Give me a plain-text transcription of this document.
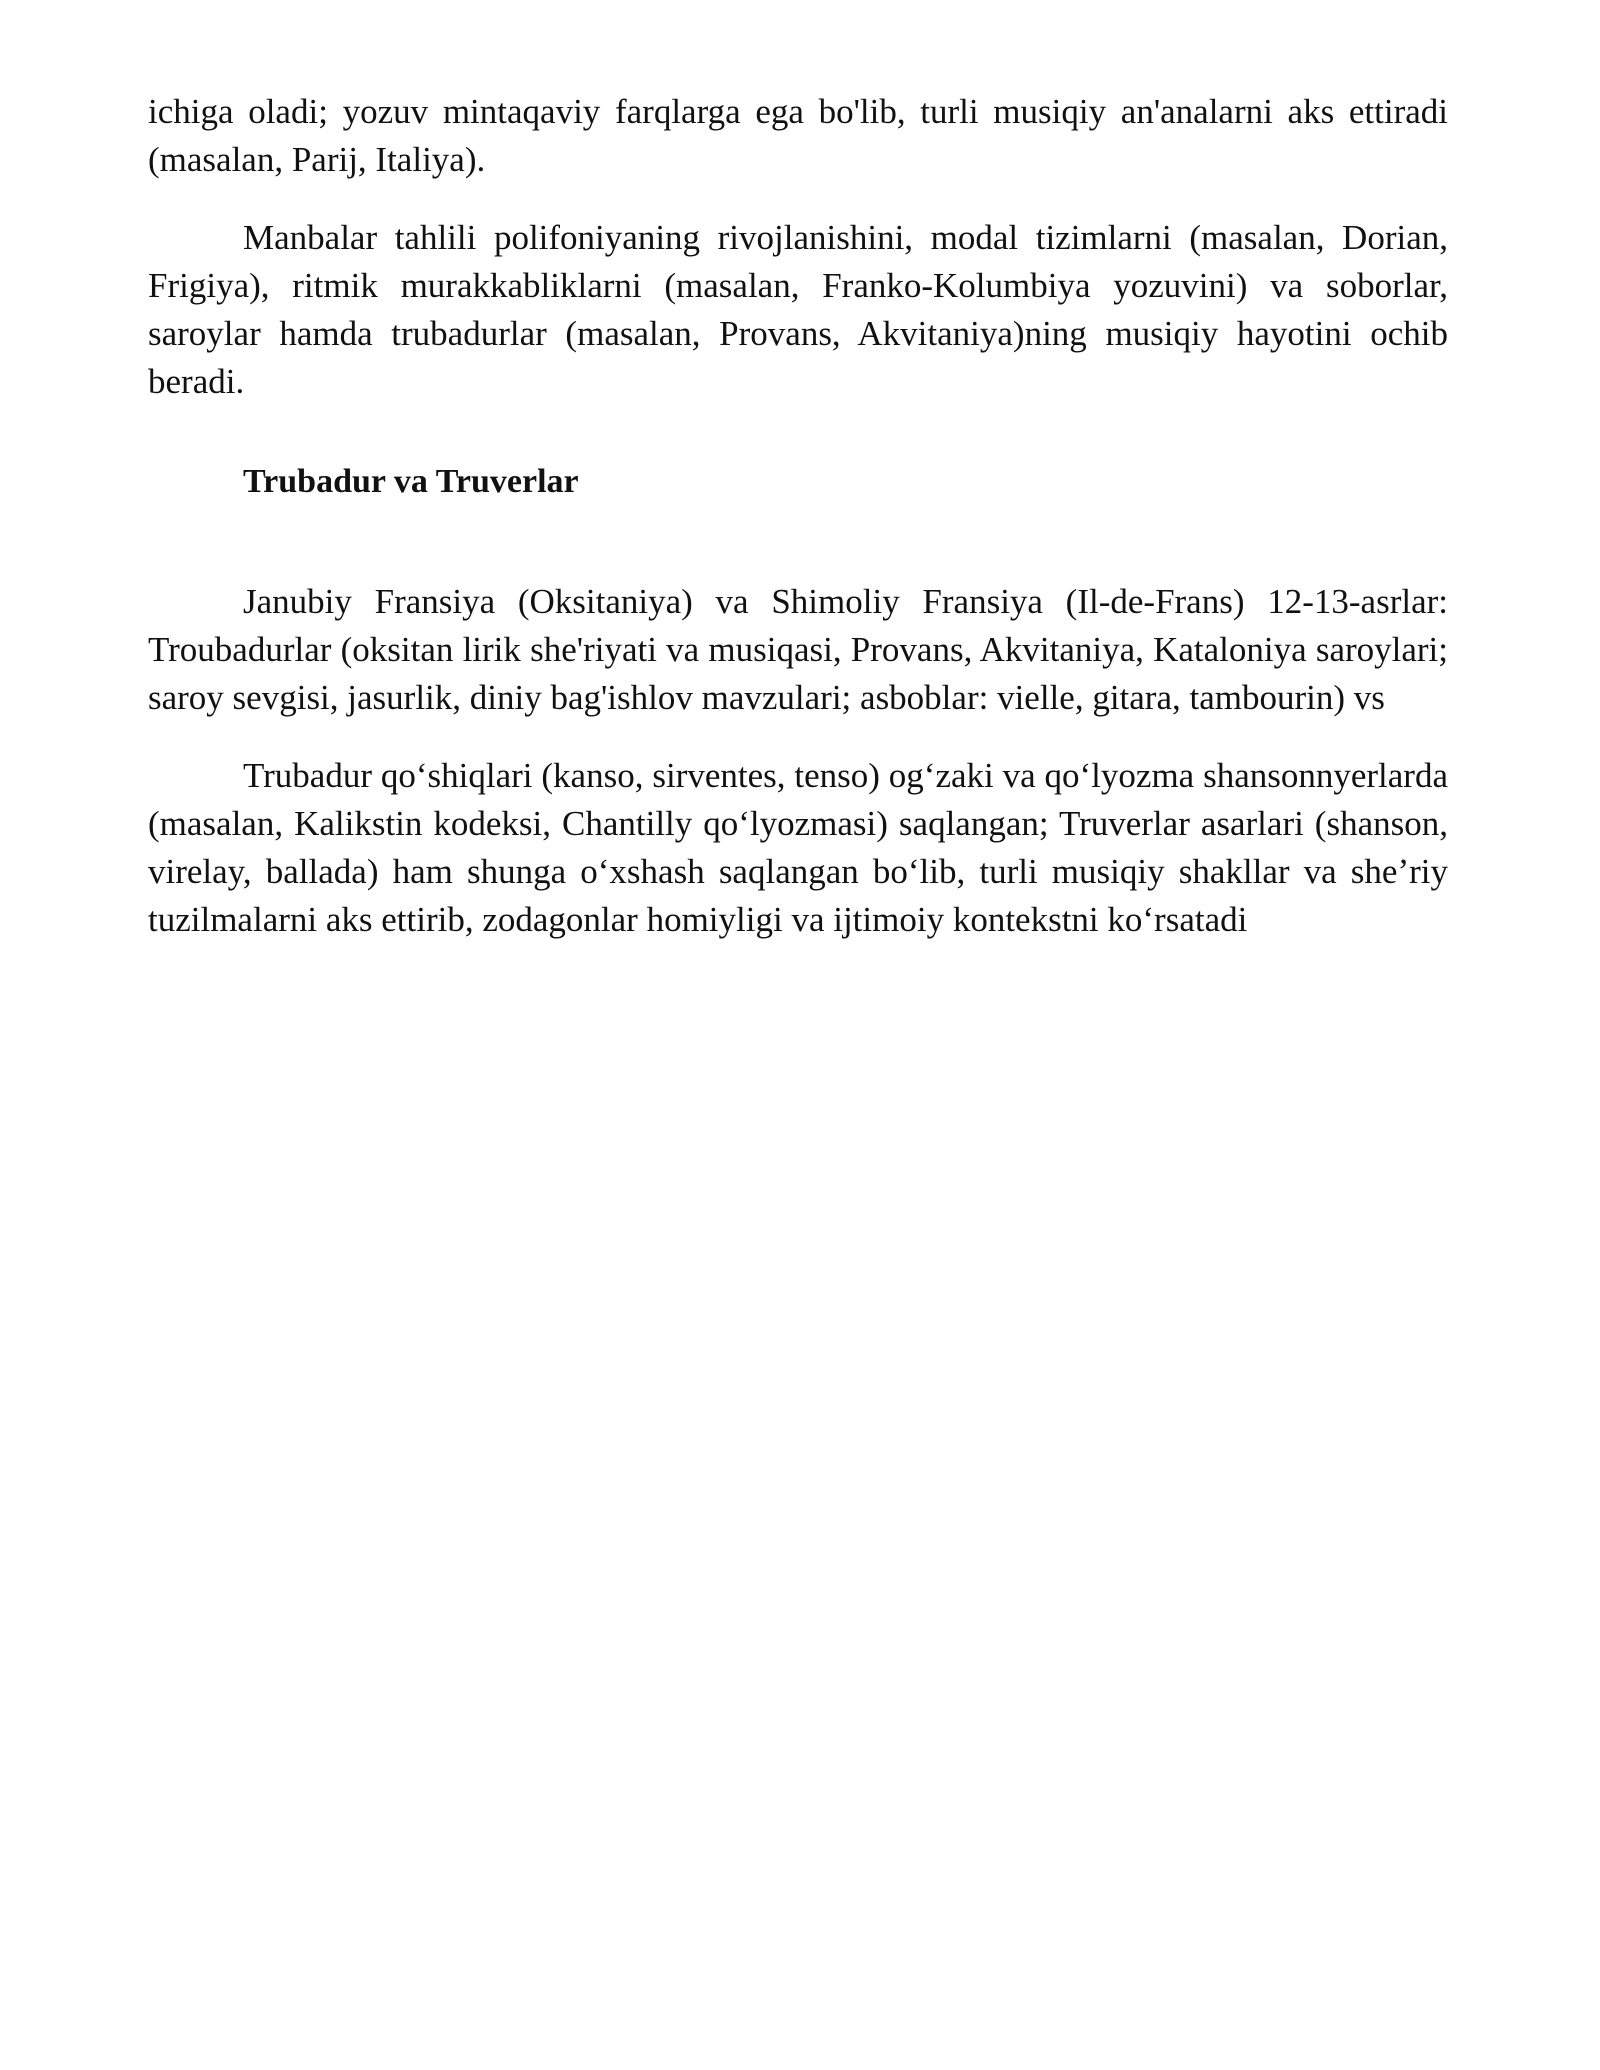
ichiga oladi; yozuv mintaqaviy farqlarga ega bo'lib, turli musiqiy an'analarni aks ettiradi (masalan, Parij, Italiya).

Manbalar tahlili polifoniyaning rivojlanishini, modal tizimlarni (masalan, Dorian, Frigiya), ritmik murakkabliklarni (masalan, Franko-Kolumbiya yozuvini) va soborlar, saroylar hamda trubadurlar (masalan, Provans, Akvitaniya)ning musiqiy hayotini ochib beradi.

Trubadur va Truverlar

Janubiy Fransiya (Oksitaniya) va Shimoliy Fransiya (Il-de-Frans) 12-13-asrlar: Troubadurlar (oksitan lirik she'riyati va musiqasi, Provans, Akvitaniya, Kataloniya saroylari; saroy sevgisi, jasurlik, diniy bag'ishlov mavzulari; asboblar: vielle, gitara, tambourin) vs

Trubadur qoʻshiqlari (kanso, sirventes, tenso) ogʻzaki va qoʻlyozma shansonnyerlarda (masalan, Kalikstin kodeksi, Chantilly qoʻlyozmasi) saqlangan; Truverlar asarlari (shanson, virelay, ballada) ham shunga oʻxshash saqlangan boʻlib, turli musiqiy shakllar va sheʼriy tuzilmalarni aks ettirib, zodagonlar homiyligi va ijtimoiy kontekstni koʻrsatadi
